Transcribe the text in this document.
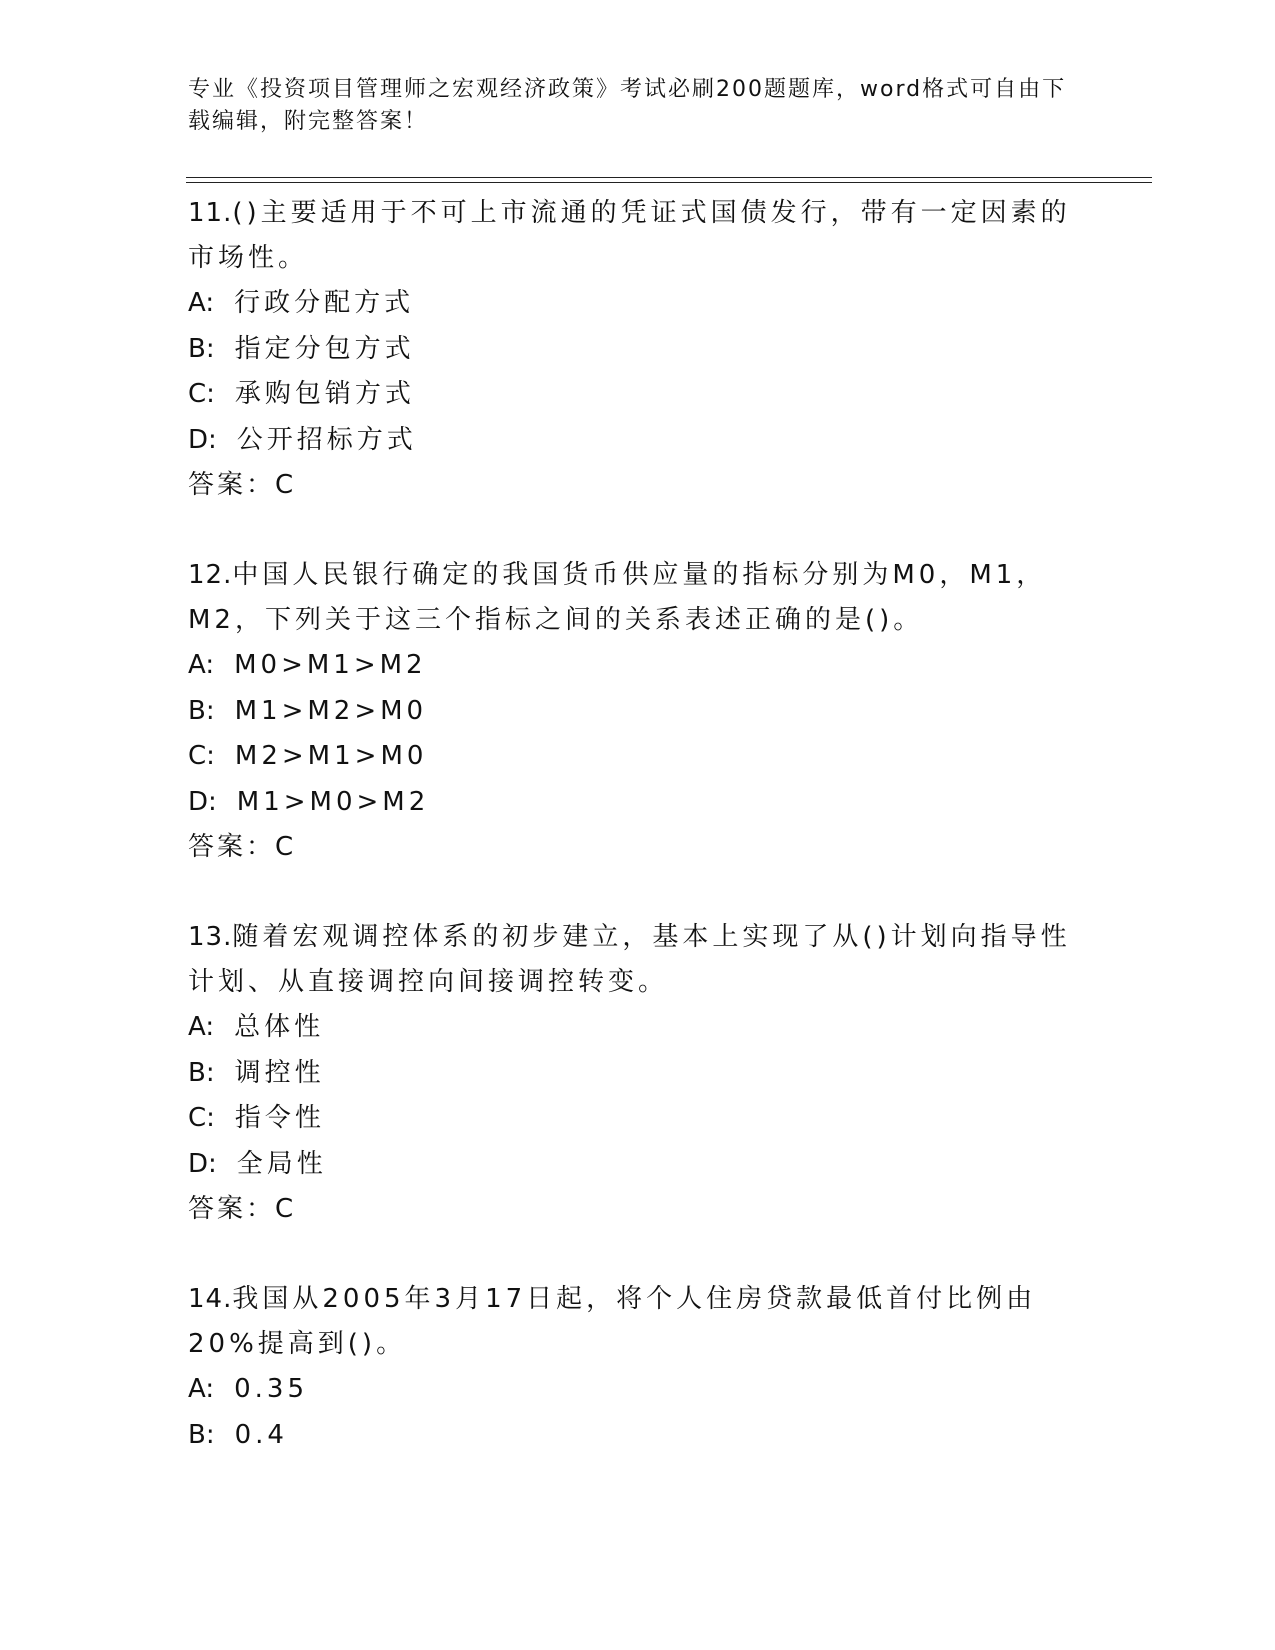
专业《投资项目管理师之宏观经济政策》考试必刷200题题库，word格式可自由下载编辑，附完整答案！
11.()主要适用于不可上市流通的凭证式国债发行，带有一定因素的市场性。
A: 行政分配方式
B: 指定分包方式
C: 承购包销方式
D: 公开招标方式
答案：C
12.中国人民银行确定的我国货币供应量的指标分别为M0，M1，M2，下列关于这三个指标之间的关系表述正确的是()。
A: M0>M1>M2
B: M1>M2>M0
C: M2>M1>M0
D: M1>M0>M2
答案：C
13.随着宏观调控体系的初步建立，基本上实现了从()计划向指导性计划、从直接调控向间接调控转变。
A: 总体性
B: 调控性
C: 指令性
D: 全局性
答案：C
14.我国从2005年3月17日起，将个人住房贷款最低首付比例由20%提高到()。
A: 0.35
B: 0.4
